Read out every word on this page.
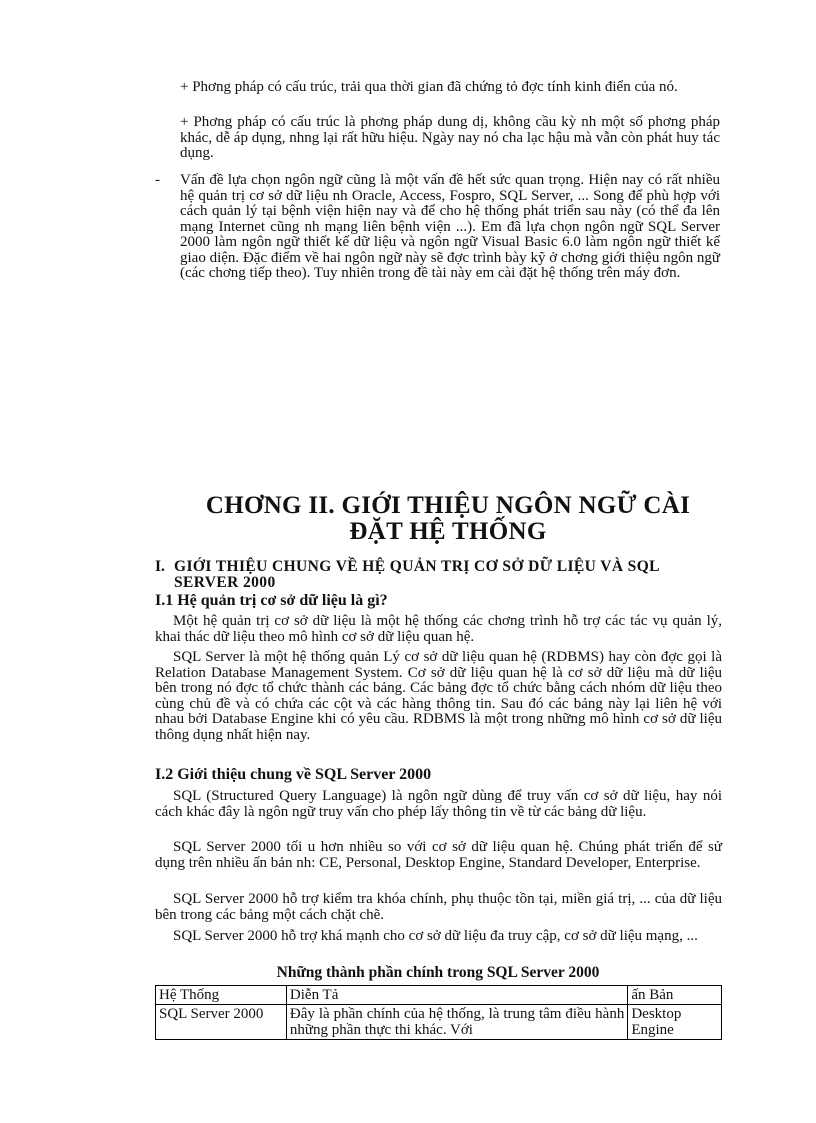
+ Phơng pháp có cấu trúc, trải qua thời gian đã chứng tỏ đợc tính kinh điển của nó.

+ Phơng pháp có cấu trúc là phơng pháp dung dị, không cầu kỳ nh một số phơng pháp khác, dễ áp dụng, nhng lại rất hữu hiệu. Ngày nay nó cha lạc hậu mà vẫn còn phát huy tác dụng.

- Vấn đề lựa chọn ngôn ngữ cũng là một vấn đề hết sức quan trọng. Hiện nay có rất nhiều hệ quản trị cơ sở dữ liệu nh Oracle, Access, Fospro, SQL Server, ... Song để phù hợp với cách quản lý tại bệnh viện hiện nay và để cho hệ thống phát triển sau này (có thể đa lên mạng Internet cũng nh mạng liên bệnh viện ...). Em đã lựa chọn ngôn ngữ SQL Server 2000 làm ngôn ngữ thiết kế dữ liệu và ngôn ngữ Visual Basic 6.0 làm ngôn ngữ thiết kế giao diện. Đặc điểm về hai ngôn ngữ này sẽ đợc trình bày kỹ ở chơng giới thiệu ngôn ngữ (các chơng tiếp theo). Tuy nhiên trong đề tài này em cài đặt hệ thống trên máy đơn.

CHƠNG II. GIỚI THIỆU NGÔN NGỮ CÀI
ĐẶT HỆ THỐNG
I. GIỚI THIỆU CHUNG VỀ HỆ QUẢN TRỊ CƠ SỞ DỮ LIỆU VÀ SQL SERVER 2000

I.1 Hệ quản trị cơ sở dữ liệu là gì?

Một hệ quản trị cơ sở dữ liệu là một hệ thống các chơng trình hỗ trợ các tác vụ quản lý, khai thác dữ liệu theo mô hình cơ sở dữ liệu quan hệ.

SQL Server là một hệ thống quản Lý cơ sở dữ liệu quan hệ (RDBMS) hay còn đợc gọi là Relation Database Management System. Cơ sở dữ liệu quan hệ là cơ sở dữ liệu mà dữ liệu bên trong nó đợc tổ chức thành các bảng. Các bảng đợc tổ chức bằng cách nhóm dữ liệu theo cùng chủ đề và có chứa các cột và các hàng thông tin. Sau đó các bảng này lại liên hệ với nhau bởi Database Engine khi có yêu cầu. RDBMS là một trong những mô hình cơ sở dữ liệu thông dụng nhất hiện nay.

I.2 Giới thiệu chung về SQL Server 2000

SQL (Structured Query Language) là ngôn ngữ dùng để truy vấn cơ sở dữ liệu, hay nói cách khác đây là ngôn ngữ truy vấn cho phép lấy thông tin về từ các bảng dữ liệu.

SQL Server 2000 tối u hơn nhiều so với cơ sở dữ liệu quan hệ. Chúng phát triển để sử dụng trên nhiều ấn bản nh: CE, Personal, Desktop Engine, Standard Developer, Enterprise.

SQL Server 2000 hỗ trợ kiểm tra khóa chính, phụ thuộc tồn tại, miền giá trị, ... của dữ liệu bên trong các bảng một cách chặt chẽ.

SQL Server 2000 hỗ trợ khá mạnh cho cơ sở dữ liệu đa truy cập, cơ sở dữ liệu mạng, ...

Những thành phần chính trong SQL Server 2000

Hệ Thống	Diễn Tả	ấn Bản
SQL Server 2000	Đây là phần chính của hệ thống, là trung tâm điều hành những phần thực thi khác. Với	Desktop Engine
